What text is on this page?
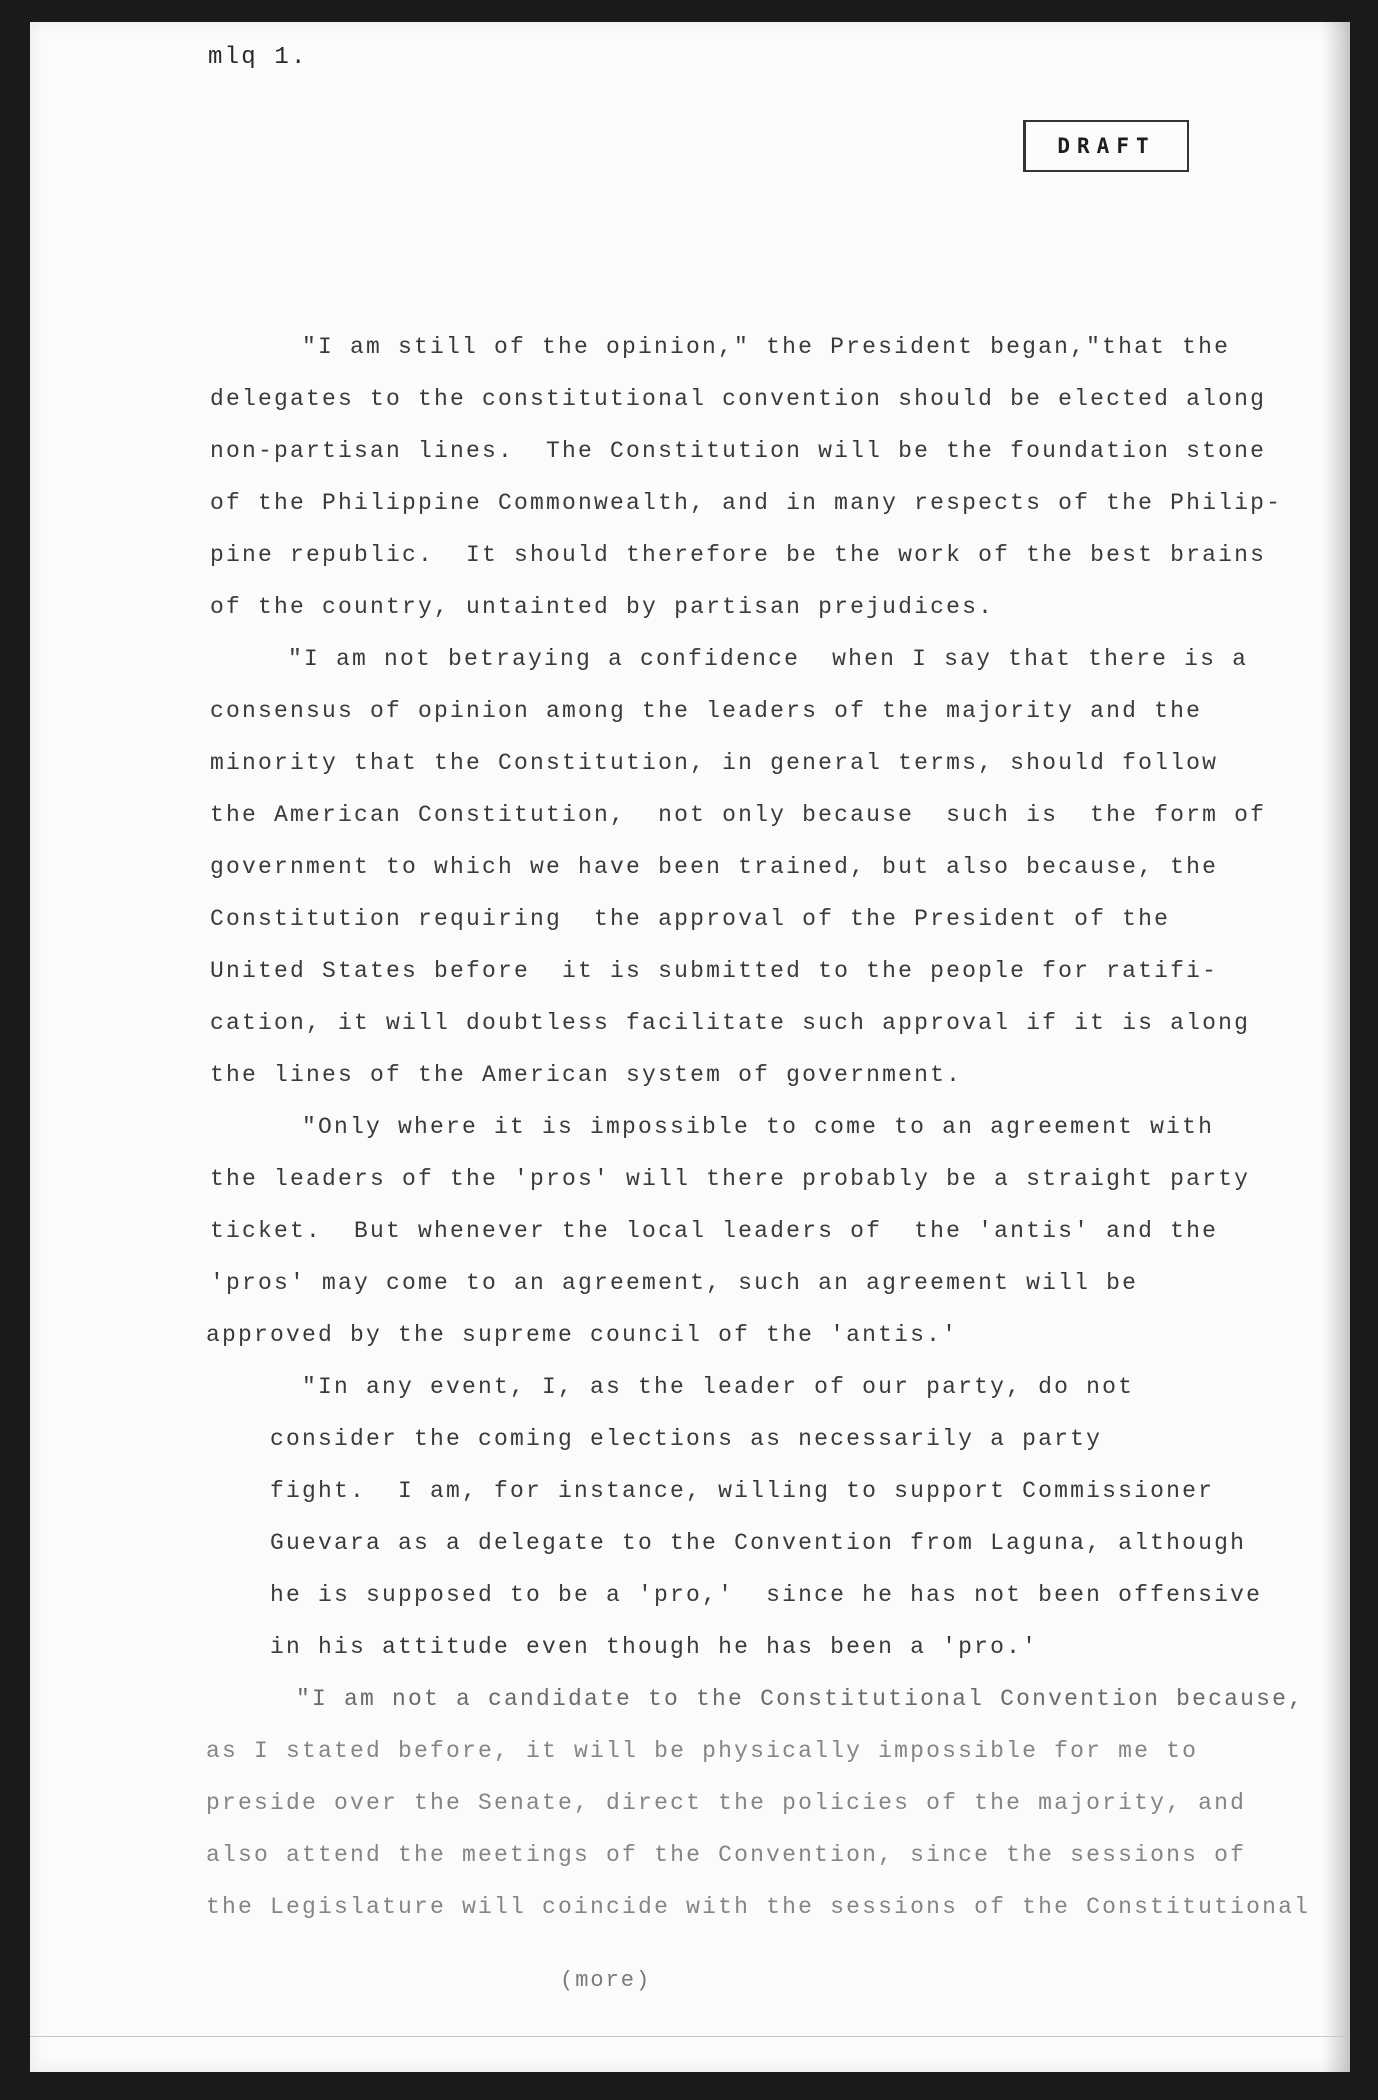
mlq 1.
DRAFT
"I am still of the opinion," the President began,"that the
delegates to the constitutional convention should be elected along
non-partisan lines.  The Constitution will be the foundation stone
of the Philippine Commonwealth, and in many respects of the Philip-
pine republic.  It should therefore be the work of the best brains
of the country, untainted by partisan prejudices.
"I am not betraying a confidence  when I say that there is a
consensus of opinion among the leaders of the majority and the
minority that the Constitution, in general terms, should follow
the American Constitution,  not only because  such is  the form of
government to which we have been trained, but also because, the
Constitution requiring  the approval of the President of the
United States before  it is submitted to the people for ratifi-
cation, it will doubtless facilitate such approval if it is along
the lines of the American system of government.
"Only where it is impossible to come to an agreement with
the leaders of the 'pros' will there probably be a straight party
ticket.  But whenever the local leaders of  the 'antis' and the
'pros' may come to an agreement, such an agreement will be
approved by the supreme council of the 'antis.'
"In any event, I, as the leader of our party, do not
consider the coming elections as necessarily a party
fight.  I am, for instance, willing to support Commissioner
Guevara as a delegate to the Convention from Laguna, although
he is supposed to be a 'pro,'  since he has not been offensive
in his attitude even though he has been a 'pro.'
"I am not a candidate to the Constitutional Convention because,
as I stated before, it will be physically impossible for me to
preside over the Senate, direct the policies of the majority, and
also attend the meetings of the Convention, since the sessions of
the Legislature will coincide with the sessions of the Constitutional
(more)
